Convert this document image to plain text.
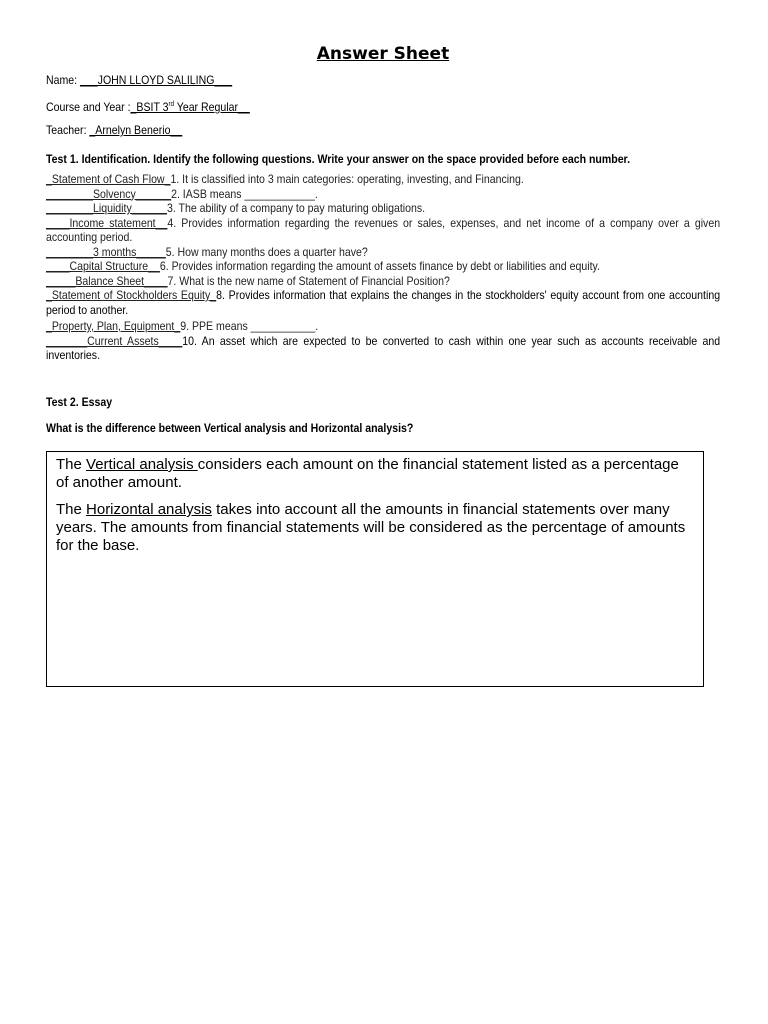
Answer Sheet
Name: ___JOHN LLOYD SALILING___
Course and Year :_BSIT 3rd Year Regular__
Teacher: _Arnelyn Benerio__
Test 1. Identification. Identify the following questions. Write your answer on the space provided before each number.
_Statement of Cash Flow_1. It is classified into 3 main categories: operating, investing, and Financing.
________Solvency______2. IASB means ____________.
________Liquidity______3. The ability of a company to pay maturing obligations.
____Income statement__4. Provides information regarding the revenues or sales, expenses, and net income of a company over a given accounting period.
________3 months_____5. How many months does a quarter have?
____Capital Structure__6. Provides information regarding the amount of assets finance by debt or liabilities and equity.
_____Balance Sheet____7. What is the new name of Statement of Financial Position?
_Statement of Stockholders Equity_8. Provides information that explains the changes in the stockholders' equity account from one accounting period to another.
_Property, Plan, Equipment_9. PPE means ___________.
_______Current Assets____10. An asset which are expected to be converted to cash within one year such as accounts receivable and inventories.
Test 2. Essay
What is the difference between Vertical analysis and Horizontal analysis?

The Vertical analysis considers each amount on the financial statement listed as a percentage of another amount.

The Horizontal analysis takes into account all the amounts in financial statements over many years. The amounts from financial statements will be considered as the percentage of amounts for the base.
